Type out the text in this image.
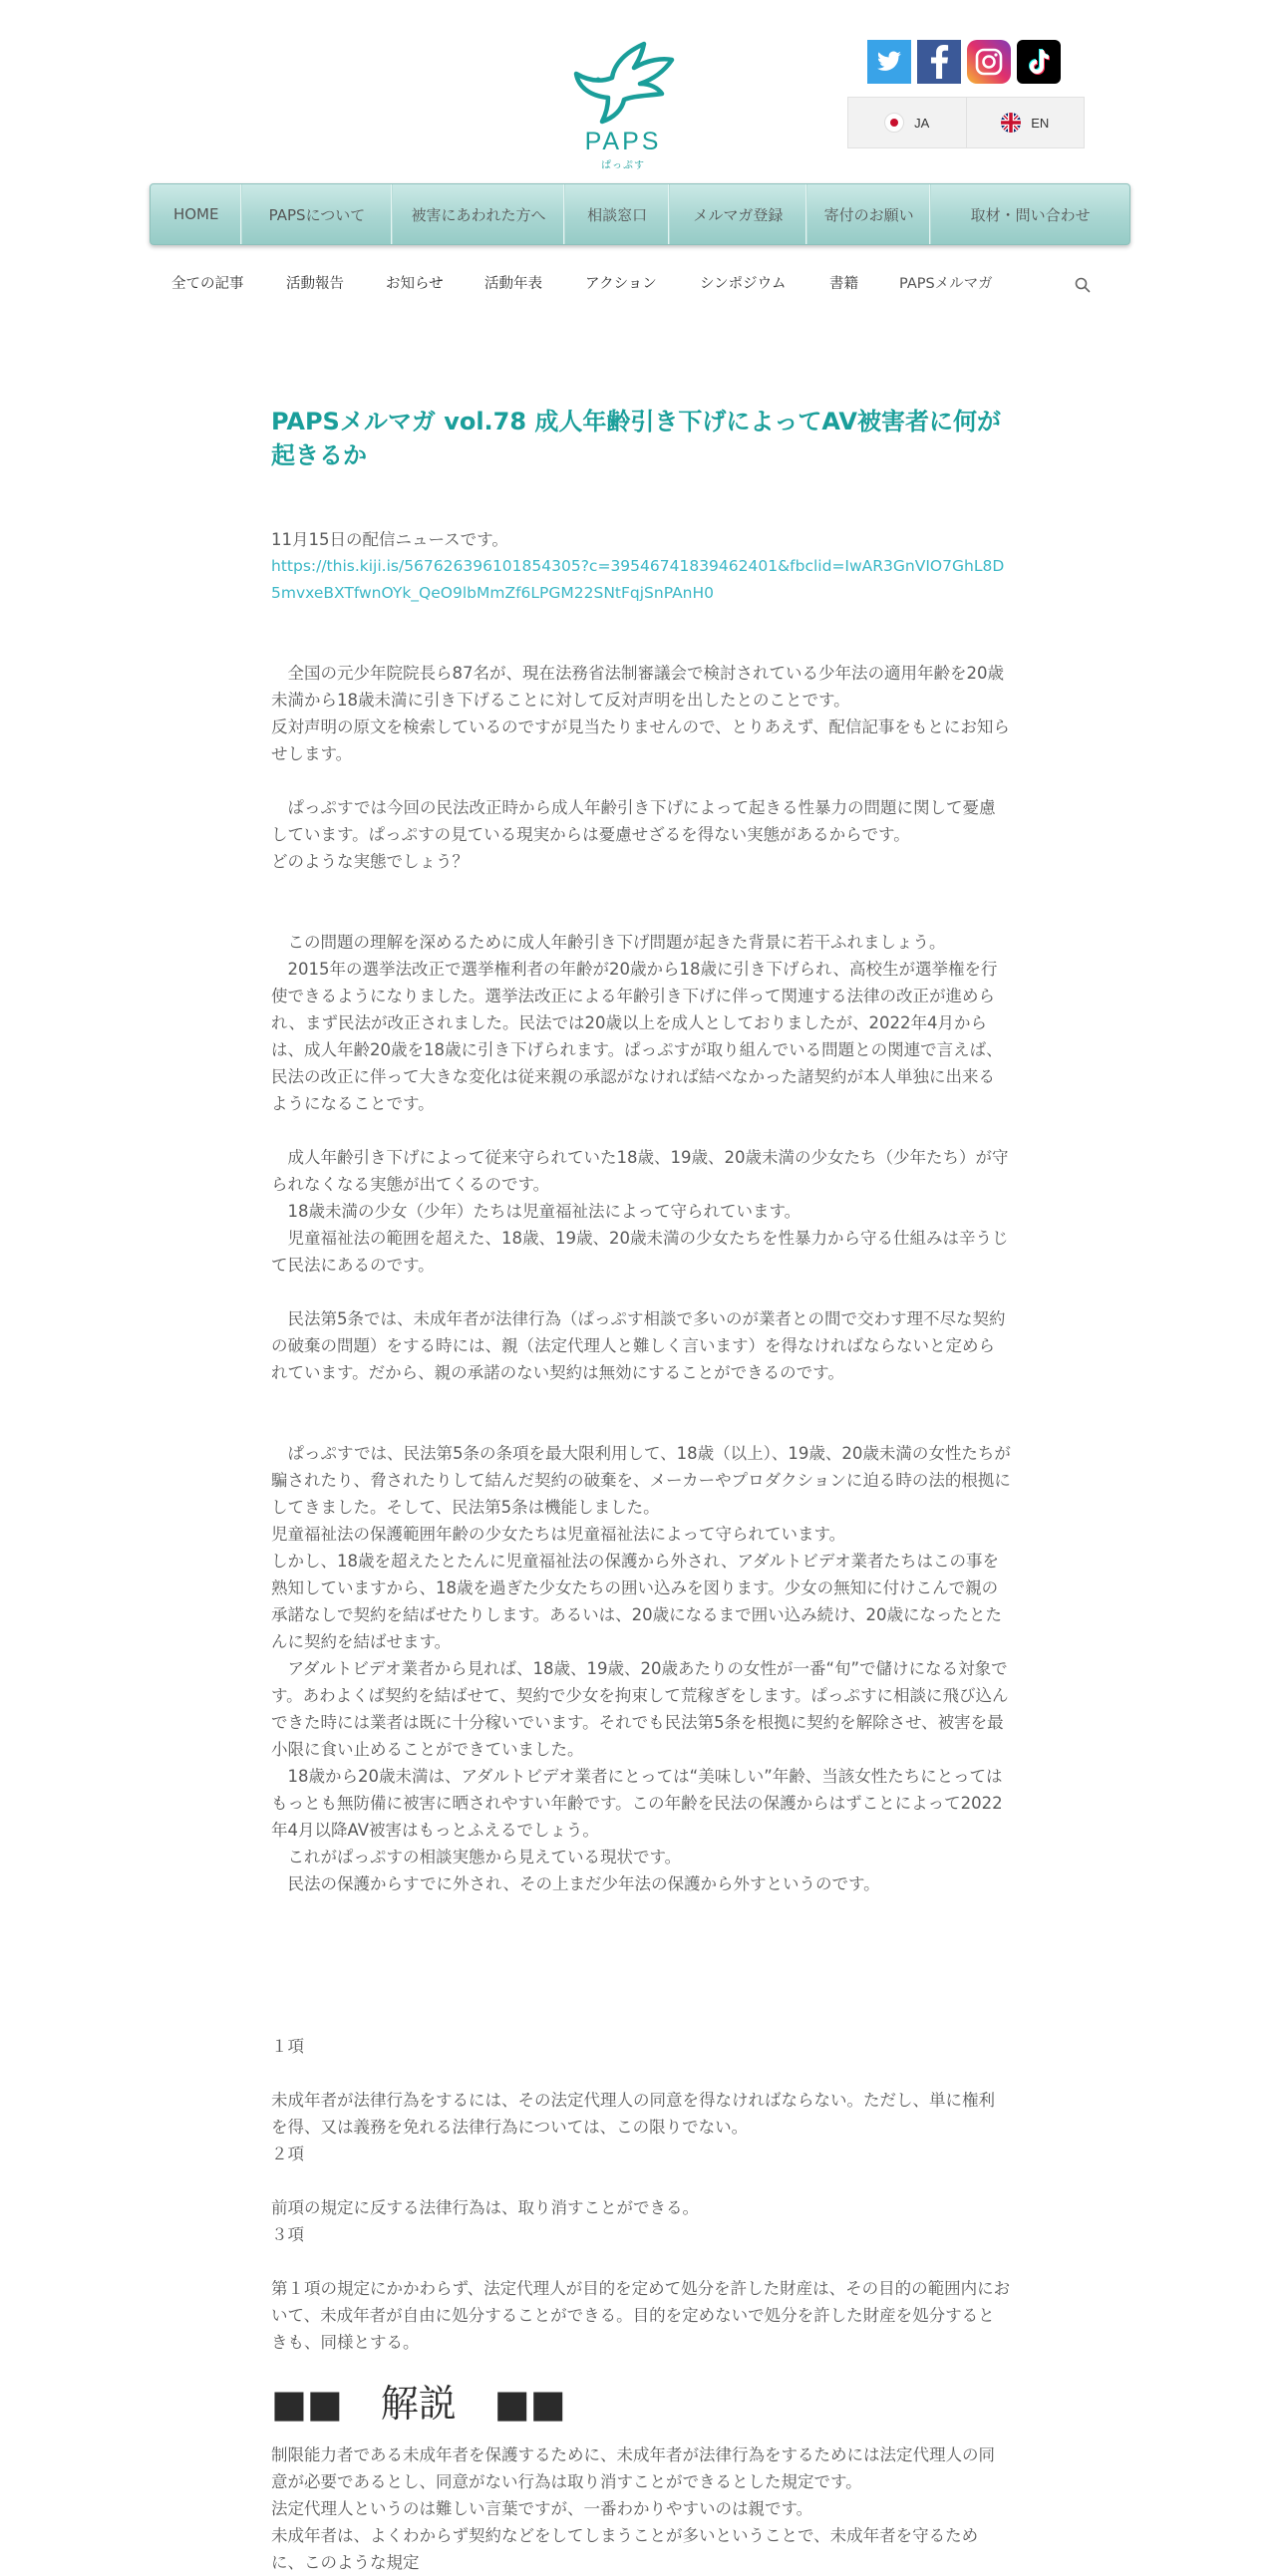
PAPS
ぱっぷす
JA	EN
HOME	PAPSについて	被害にあわれた方へ	相談窓口	メルマガ登録	寄付のお願い	取材・問い合わせ
全ての記事	活動報告	お知らせ	活動年表	アクション	シンポジウム	書籍	PAPSメルマガ
PAPSメルマガ vol.78 成人年齢引き下げによってAV被害者に何が起きるか

11月15日の配信ニュースです。

https://this.kiji.is/567626396101854305?c=39546741839462401&fbclid=IwAR3GnVIO7GhL8D5mvxeBXTfwnOYk_QeO9lbMmZf6LPGM22SNtFqjSnPAnH0

　全国の元少年院院長ら87名が、現在法務省法制審議会で検討されている少年法の適用年齢を20歳未満から18歳未満に引き下げることに対して反対声明を出したとのことです。

反対声明の原文を検索しているのですが見当たりませんので、とりあえず、配信記事をもとにお知らせします。

　ぱっぷすでは今回の民法改正時から成人年齢引き下げによって起きる性暴力の問題に関して憂慮しています。ぱっぷすの見ている現実からは憂慮せざるを得ない実態があるからです。

どのような実態でしょう？

　この問題の理解を深めるために成人年齢引き下げ問題が起きた背景に若干ふれましょう。

　2015年の選挙法改正で選挙権利者の年齢が20歳から18歳に引き下げられ、高校生が選挙権を行使できるようになりました。選挙法改正による年齢引き下げに伴って関連する法律の改正が進められ、まず民法が改正されました。民法では20歳以上を成人としておりましたが、2022年4月からは、成人年齢20歳を18歳に引き下げられます。ぱっぷすが取り組んでいる問題との関連で言えば、民法の改正に伴って大きな変化は従来親の承認がなければ結べなかった諸契約が本人単独に出来るようになることです。

　成人年齢引き下げによって従来守られていた18歳、19歳、20歳未満の少女たち（少年たち）が守られなくなる実態が出てくるのです。

　18歳未満の少女（少年）たちは児童福祉法によって守られています。

　児童福祉法の範囲を超えた、18歳、19歳、20歳未満の少女たちを性暴力から守る仕組みは辛うじて民法にあるのです。

　民法第5条では、未成年者が法律行為（ぱっぷす相談で多いのが業者との間で交わす理不尽な契約の破棄の問題）をする時には、親（法定代理人と難しく言います）を得なければならないと定められています。だから、親の承諾のない契約は無効にすることができるのです。

　ぱっぷすでは、民法第5条の条項を最大限利用して、18歳（以上）、19歳、20歳未満の女性たちが騙されたり、脅されたりして結んだ契約の破棄を、メーカーやプロダクションに迫る時の法的根拠にしてきました。そして、民法第5条は機能しました。

児童福祉法の保護範囲年齢の少女たちは児童福祉法によって守られています。

しかし、18歳を超えたとたんに児童福祉法の保護から外され、アダルトビデオ業者たちはこの事を熟知していますから、18歳を過ぎた少女たちの囲い込みを図ります。少女の無知に付けこんで親の承諾なしで契約を結ばせたりします。あるいは、20歳になるまで囲い込み続け、20歳になったとたんに契約を結ばせます。

　アダルトビデオ業者から見れば、18歳、19歳、20歳あたりの女性が一番“旬”で儲けになる対象です。あわよくば契約を結ばせて、契約で少女を拘束して荒稼ぎをします。ぱっぷすに相談に飛び込んできた時には業者は既に十分稼いでいます。それでも民法第5条を根拠に契約を解除させ、被害を最小限に食い止めることができていました。

　18歳から20歳未満は、アダルトビデオ業者にとっては“美味しい”年齢、当該女性たちにとってはもっとも無防備に被害に晒されやすい年齢です。この年齢を民法の保護からはずことによって2022年4月以降AV被害はもっとふえるでしょう。

　これがぱっぷすの相談実態から見えている現状です。

　民法の保護からすでに外され、その上まだ少年法の保護から外すというのです。

１項

未成年者が法律行為をするには、その法定代理人の同意を得なければならない。ただし、単に権利を得、又は義務を免れる法律行為については、この限りでない。

２項

前項の規定に反する法律行為は、取り消すことができる。

３項

第１項の規定にかかわらず、法定代理人が目的を定めて処分を許した財産は、その目的の範囲内において、未成年者が自由に処分することができる。目的を定めないで処分を許した財産を処分するときも、同様とする。

■■　解説　■■

制限能力者である未成年者を保護するために、未成年者が法律行為をするためには法定代理人の同意が必要であるとし、同意がない行為は取り消すことができるとした規定です。

法定代理人というのは難しい言葉ですが、一番わかりやすいのは親です。

未成年者は、よくわからず契約などをしてしまうことが多いということで、未成年者を守るために、このような規定
